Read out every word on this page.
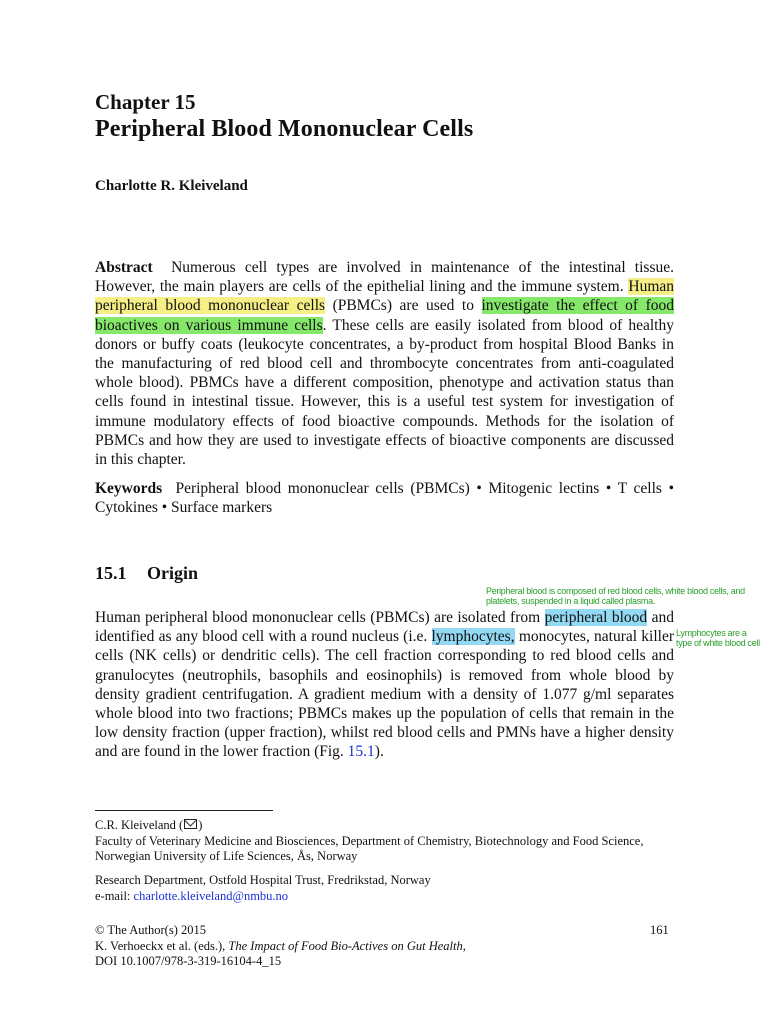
Chapter 15
Peripheral Blood Mononuclear Cells
Charlotte R. Kleiveland
Abstract Numerous cell types are involved in maintenance of the intestinal tissue. However, the main players are cells of the epithelial lining and the immune system. Human peripheral blood mononuclear cells (PBMCs) are used to investigate the effect of food bioactives on various immune cells. These cells are easily isolated from blood of healthy donors or buffy coats (leukocyte concentrates, a by-product from hospital Blood Banks in the manufacturing of red blood cell and thrombocyte concentrates from anti-coagulated whole blood). PBMCs have a different composition, phenotype and activation status than cells found in intestinal tissue. However, this is a useful test system for investigation of immune modulatory effects of food bioactive compounds. Methods for the isolation of PBMCs and how they are used to investigate effects of bioactive components are discussed in this chapter.
Keywords Peripheral blood mononuclear cells (PBMCs) • Mitogenic lectins • T cells • Cytokines • Surface markers
15.1 Origin
Peripheral blood is composed of red blood cells, white blood cells, and platelets, suspended in a liquid called plasma.
Lymphocytes are a type of white blood cell
Human peripheral blood mononuclear cells (PBMCs) are isolated from peripheral blood and identified as any blood cell with a round nucleus (i.e. lymphocytes, monocytes, natural killer cells (NK cells) or dendritic cells). The cell fraction corresponding to red blood cells and granulocytes (neutrophils, basophils and eosinophils) is removed from whole blood by density gradient centrifugation. A gradient medium with a density of 1.077 g/ml separates whole blood into two fractions; PBMCs makes up the population of cells that remain in the low density fraction (upper fraction), whilst red blood cells and PMNs have a higher density and are found in the lower fraction (Fig. 15.1).
C.R. Kleiveland ( )
Faculty of Veterinary Medicine and Biosciences, Department of Chemistry, Biotechnology and Food Science, Norwegian University of Life Sciences, Ås, Norway
Research Department, Ostfold Hospital Trust, Fredrikstad, Norway
e-mail: charlotte.kleiveland@nmbu.no
© The Author(s) 2015
K. Verhoeckx et al. (eds.), The Impact of Food Bio-Actives on Gut Health,
DOI 10.1007/978-3-319-16104-4_15
161
